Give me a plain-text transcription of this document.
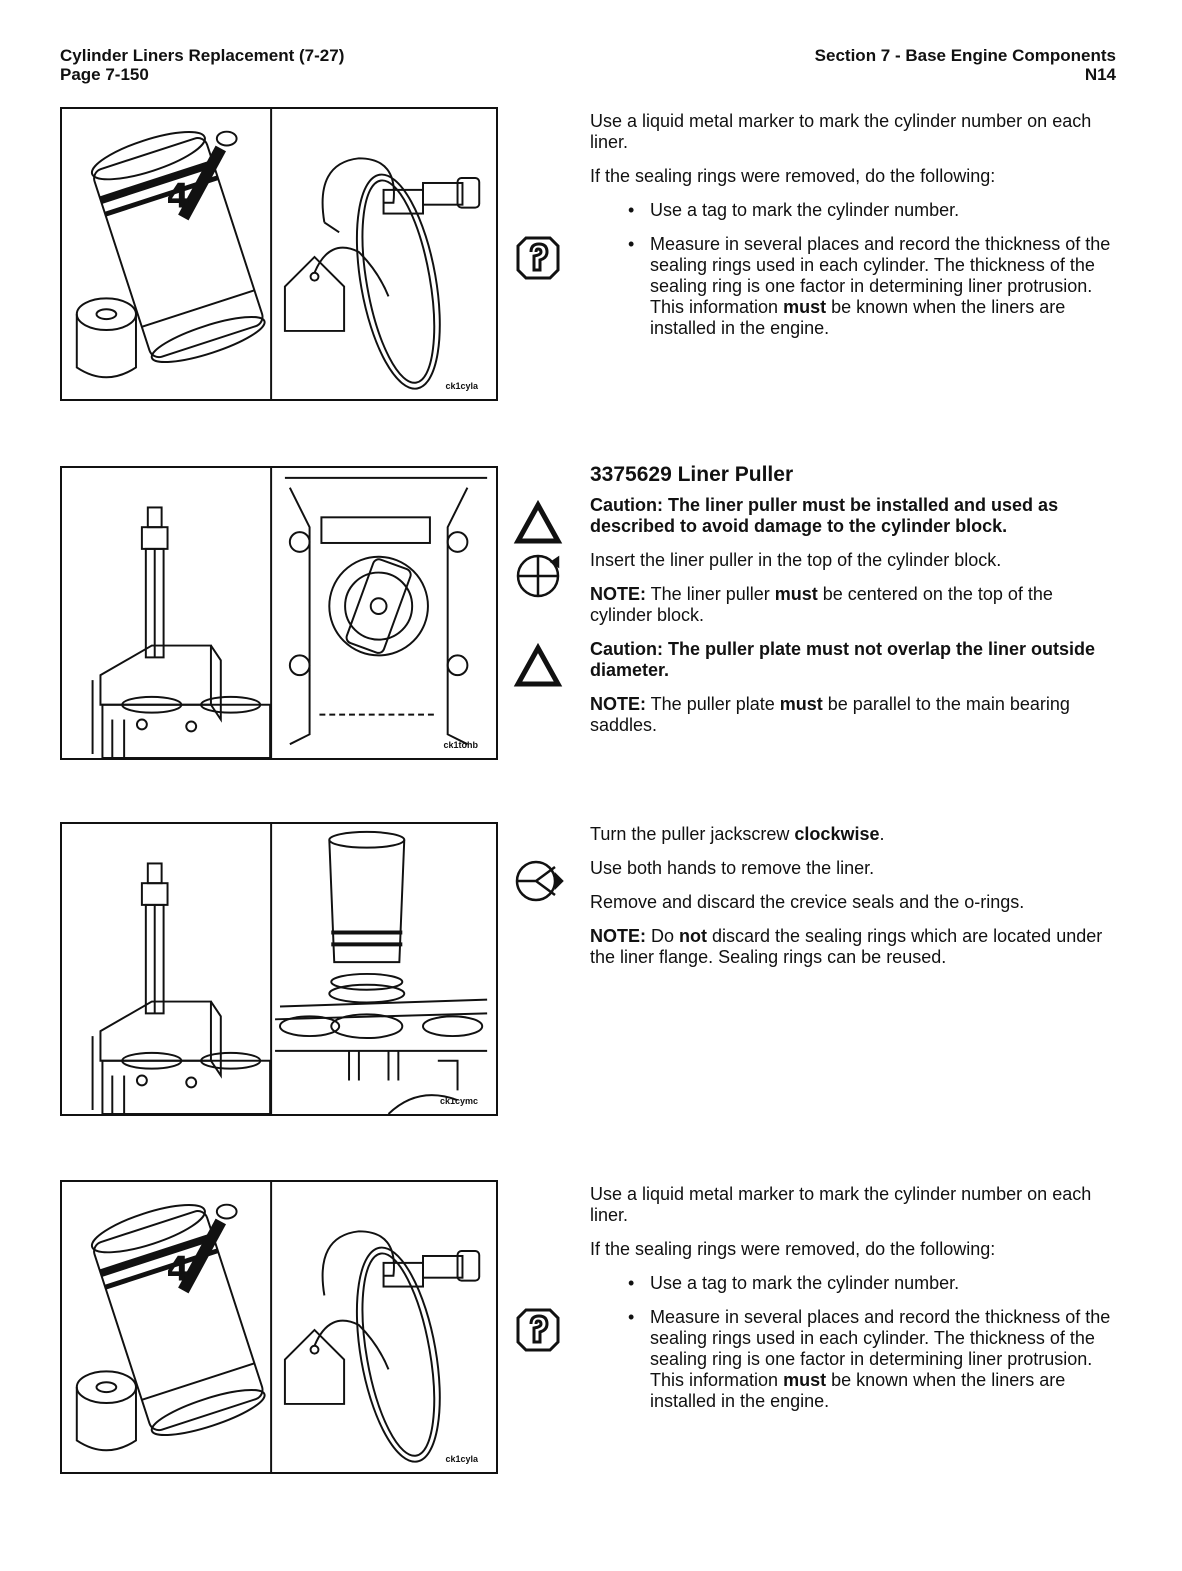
Cylinder Liners Replacement (7-27)
Page 7-150
Section 7 - Base Engine Components
N14
4
ck1cyla
ck1tohb
ck1cymc
4
ck1cyla

Use a liquid metal marker to mark the cylinder number on each liner.

If the sealing rings were removed, do the following:

• Use a tag to mark the cylinder number.
• Measure in several places and record the thickness of the sealing rings used in each cylinder. The thickness of the sealing ring is one factor in determining liner protrusion. This information must be known when the liners are installed in the engine.
3375629 Liner Puller

Caution: The liner puller must be installed and used as described to avoid damage to the cylinder block.

Insert the liner puller in the top of the cylinder block.

NOTE: The liner puller must be centered on the top of the cylinder block.

Caution: The puller plate must not overlap the liner outside diameter.

NOTE: The puller plate must be parallel to the main bearing saddles.

Turn the puller jackscrew clockwise.

Use both hands to remove the liner.

Remove and discard the crevice seals and the o-rings.

NOTE: Do not discard the sealing rings which are located under the liner flange. Sealing rings can be reused.

Use a liquid metal marker to mark the cylinder number on each liner.

If the sealing rings were removed, do the following:

• Use a tag to mark the cylinder number.
• Measure in several places and record the thickness of the sealing rings used in each cylinder. The thickness of the sealing ring is one factor in determining liner protrusion. This information must be known when the liners are installed in the engine.
